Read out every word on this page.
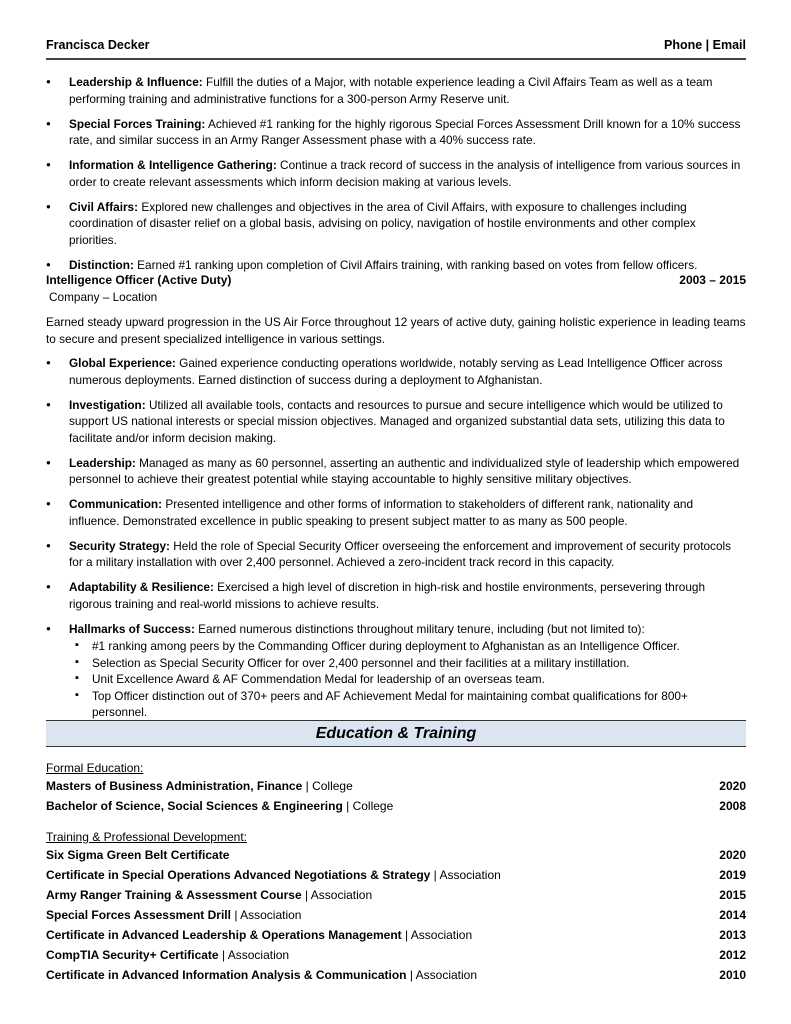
Francisca Decker	Phone | Email
● Leadership & Influence: Fulfill the duties of a Major, with notable experience leading a Civil Affairs Team as well as a team performing training and administrative functions for a 300-person Army Reserve unit.
● Special Forces Training: Achieved #1 ranking for the highly rigorous Special Forces Assessment Drill known for a 10% success rate, and similar success in an Army Ranger Assessment phase with a 40% success rate.
● Information & Intelligence Gathering: Continue a track record of success in the analysis of intelligence from various sources in order to create relevant assessments which inform decision making at various levels.
● Civil Affairs: Explored new challenges and objectives in the area of Civil Affairs, with exposure to challenges including coordination of disaster relief on a global basis, advising on policy, navigation of hostile environments and other complex priorities.
● Distinction: Earned #1 ranking upon completion of Civil Affairs training, with ranking based on votes from fellow officers.
Intelligence Officer (Active Duty)	2003 – 2015
Company – Location
Earned steady upward progression in the US Air Force throughout 12 years of active duty, gaining holistic experience in leading teams to secure and present specialized intelligence in various settings.
● Global Experience: Gained experience conducting operations worldwide, notably serving as Lead Intelligence Officer across numerous deployments. Earned distinction of success during a deployment to Afghanistan.
● Investigation: Utilized all available tools, contacts and resources to pursue and secure intelligence which would be utilized to support US national interests or special mission objectives. Managed and organized substantial data sets, utilizing this data to facilitate and/or inform decision making.
● Leadership: Managed as many as 60 personnel, asserting an authentic and individualized style of leadership which empowered personnel to achieve their greatest potential while staying accountable to highly sensitive military objectives.
● Communication: Presented intelligence and other forms of information to stakeholders of different rank, nationality and influence. Demonstrated excellence in public speaking to present subject matter to as many as 500 people.
● Security Strategy: Held the role of Special Security Officer overseeing the enforcement and improvement of security protocols for a military installation with over 2,400 personnel. Achieved a zero-incident track record in this capacity.
● Adaptability & Resilience: Exercised a high level of discretion in high-risk and hostile environments, persevering through rigorous training and real-world missions to achieve results.
● Hallmarks of Success: Earned numerous distinctions throughout military tenure, including (but not limited to):
▪ #1 ranking among peers by the Commanding Officer during deployment to Afghanistan as an Intelligence Officer.
▪ Selection as Special Security Officer for over 2,400 personnel and their facilities at a military instillation.
▪ Unit Excellence Award & AF Commendation Medal for leadership of an overseas team.
▪ Top Officer distinction out of 370+ peers and AF Achievement Medal for maintaining combat qualifications for 800+ personnel.
Education & Training
Formal Education:
Masters of Business Administration, Finance | College	2020
Bachelor of Science, Social Sciences & Engineering | College	2008
Training & Professional Development:
Six Sigma Green Belt Certificate	2020
Certificate in Special Operations Advanced Negotiations & Strategy | Association	2019
Army Ranger Training & Assessment Course | Association	2015
Special Forces Assessment Drill | Association	2014
Certificate in Advanced Leadership & Operations Management | Association	2013
CompTIA Security+ Certificate | Association	2012
Certificate in Advanced Information Analysis & Communication | Association	2010
